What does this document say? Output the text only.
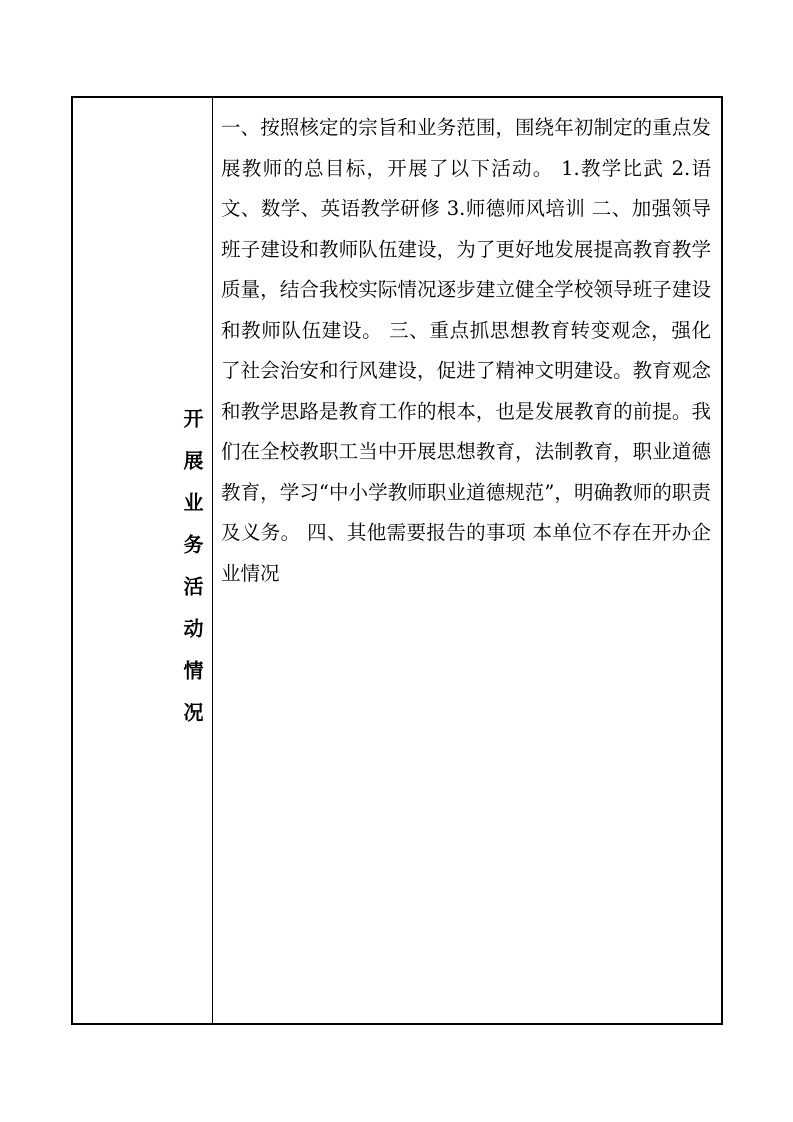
开展业务活动情况

一、按照核定的宗旨和业务范围，围绕年初制定的重点发展教师的总目标，开展了以下活动。 1.教学比武 2.语文、数学、英语教学研修 3.师德师风培训 二、加强领导班子建设和教师队伍建设，为了更好地发展提高教育教学质量，结合我校实际情况逐步建立健全学校领导班子建设和教师队伍建设。 三、重点抓思想教育转变观念，强化了社会治安和行风建设，促进了精神文明建设。教育观念和教学思路是教育工作的根本，也是发展教育的前提。我们在全校教职工当中开展思想教育，法制教育，职业道德教育，学习“中小学教师职业道德规范”，明确教师的职责及义务。 四、其他需要报告的事项 本单位不存在开办企业情况
